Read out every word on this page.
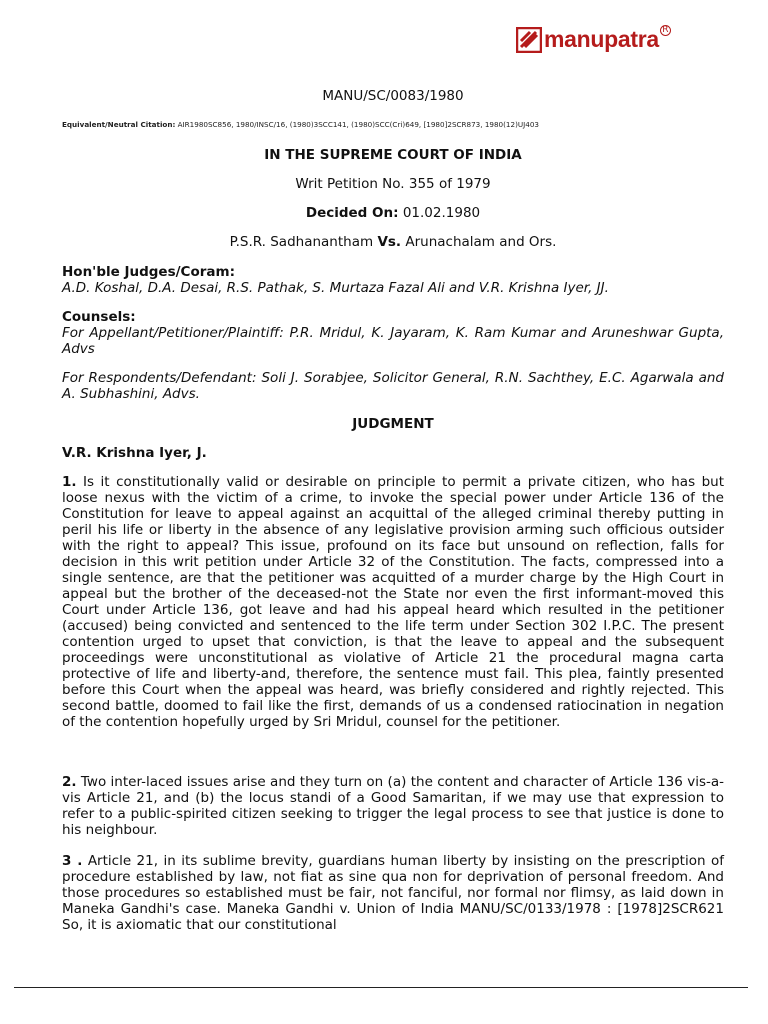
manupatra R
MANU/SC/0083/1980
Equivalent/Neutral Citation: AIR1980SC856, 1980/INSC/16, (1980)3SCC141, (1980)SCC(Cri)649, [1980]2SCR873, 1980(12)UJ403
IN THE SUPREME COURT OF INDIA
Writ Petition No. 355 of 1979
Decided On: 01.02.1980
P.S.R. Sadhanantham Vs. Arunachalam and Ors.
Hon'ble Judges/Coram:
A.D. Koshal, D.A. Desai, R.S. Pathak, S. Murtaza Fazal Ali and V.R. Krishna Iyer, JJ.
Counsels:
For Appellant/Petitioner/Plaintiff: P.R. Mridul, K. Jayaram, K. Ram Kumar and Aruneshwar Gupta, Advs
For Respondents/Defendant: Soli J. Sorabjee, Solicitor General, R.N. Sachthey, E.C. Agarwala and A. Subhashini, Advs.
JUDGMENT
V.R. Krishna Iyer, J.
1. Is it constitutionally valid or desirable on principle to permit a private citizen, who has but loose nexus with the victim of a crime, to invoke the special power under Article 136 of the Constitution for leave to appeal against an acquittal of the alleged criminal thereby putting in peril his life or liberty in the absence of any legislative provision arming such officious outsider with the right to appeal? This issue, profound on its face but unsound on reflection, falls for decision in this writ petition under Article 32 of the Constitution. The facts, compressed into a single sentence, are that the petitioner was acquitted of a murder charge by the High Court in appeal but the brother of the deceased-not the State nor even the first informant-moved this Court under Article 136, got leave and had his appeal heard which resulted in the petitioner (accused) being convicted and sentenced to the life term under Section 302 I.P.C. The present contention urged to upset that conviction, is that the leave to appeal and the subsequent proceedings were unconstitutional as violative of Article 21 the procedural magna carta protective of life and liberty-and, therefore, the sentence must fail. This plea, faintly presented before this Court when the appeal was heard, was briefly considered and rightly rejected. This second battle, doomed to fail like the first, demands of us a condensed ratiocination in negation of the contention hopefully urged by Sri Mridul, counsel for the petitioner.
2. Two inter-laced issues arise and they turn on (a) the content and character of Article 136 vis-a-vis Article 21, and (b) the locus standi of a Good Samaritan, if we may use that expression to refer to a public-spirited citizen seeking to trigger the legal process to see that justice is done to his neighbour.
3 . Article 21, in its sublime brevity, guardians human liberty by insisting on the prescription of procedure established by law, not fiat as sine qua non for deprivation of personal freedom. And those procedures so established must be fair, not fanciful, nor formal nor flimsy, as laid down in Maneka Gandhi's case. Maneka Gandhi v. Union of India MANU/SC/0133/1978 : [1978]2SCR621 So, it is axiomatic that our constitutional
